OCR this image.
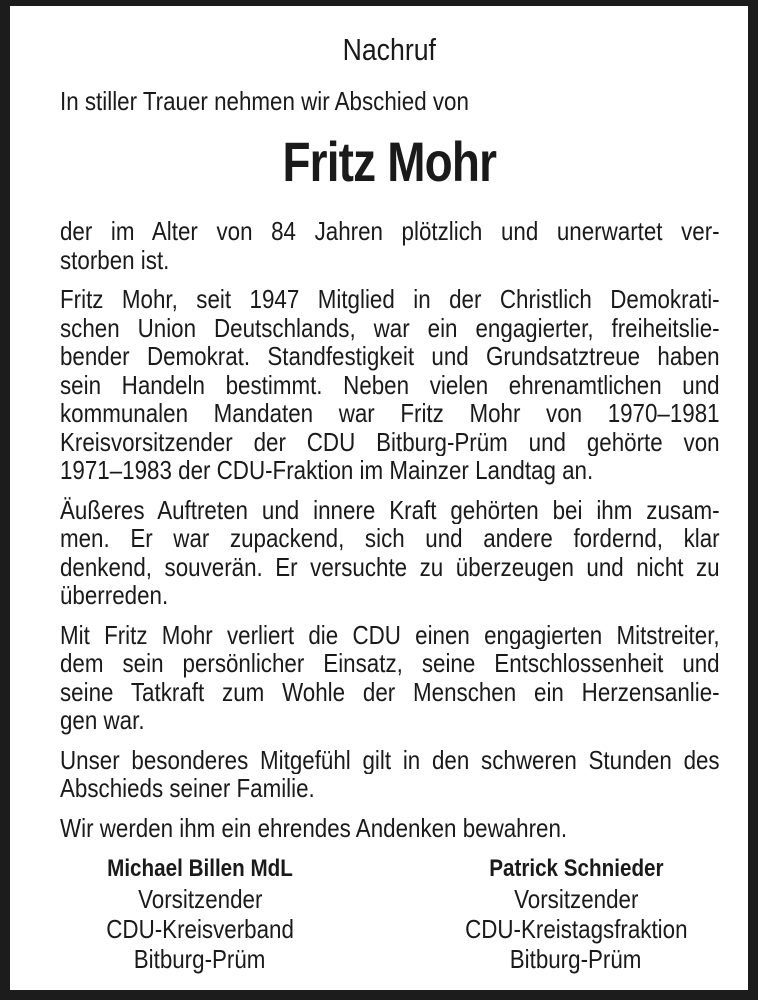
Nachruf
In stiller Trauer nehmen wir Abschied von
Fritz Mohr
der im Alter von 84 Jahren plötzlich und unerwartet ver-
storben ist.
Fritz Mohr, seit 1947 Mitglied in der Christlich Demokrati-
schen Union Deutschlands, war ein engagierter, freiheitslie-
bender Demokrat. Standfestigkeit und Grundsatztreue haben
sein Handeln bestimmt. Neben vielen ehrenamtlichen und
kommunalen Mandaten war Fritz Mohr von 1970–1981
Kreisvorsitzender der CDU Bitburg-Prüm und gehörte von
1971–1983 der CDU-Fraktion im Mainzer Landtag an.
Äußeres Auftreten und innere Kraft gehörten bei ihm zusam-
men. Er war zupackend, sich und andere fordernd, klar
denkend, souverän. Er versuchte zu überzeugen und nicht zu
überreden.
Mit Fritz Mohr verliert die CDU einen engagierten Mitstreiter,
dem sein persönlicher Einsatz, seine Entschlossenheit und
seine Tatkraft zum Wohle der Menschen ein Herzensanlie-
gen war.
Unser besonderes Mitgefühl gilt in den schweren Stunden des
Abschieds seiner Familie.
Wir werden ihm ein ehrendes Andenken bewahren.
Michael Billen MdL
Vorsitzender
CDU-Kreisverband
Bitburg-Prüm
Patrick Schnieder
Vorsitzender
CDU-Kreistagsfraktion
Bitburg-Prüm
